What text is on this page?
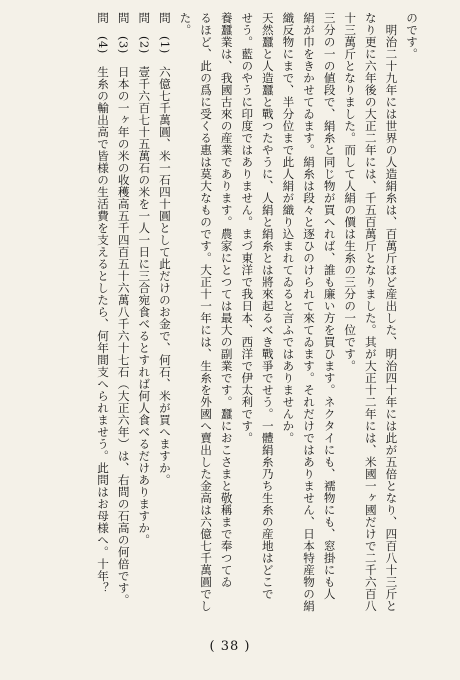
のです。
明治二十九年には世界の人造絹糸は、百萬斤ほど産出した、明治四十年には此が五倍となり、四百八十三斤と
なり更に六年後の大正二年には、千五百萬斤となりました。其が大正十二年には、米國一ヶ國だけで二千六百八
十三萬斤となりました。而して人絹の價は生糸の三分の一位です。
三分の一の値段で、絹糸と同じ物が買へれば、誰も廉い方を買ひます。ネクタイにも、襦物にも、窓掛にも人
絹が巾をきかせてゐます。絹糸は段々と逐ひのけられて來てゐます。それだけではありません、日本特産物の絹
織反物にまで、半分位まで此人絹が織り込まれてゐると言ふではありませんか。
天然蠶と人造蠶と戰つたやうに、人絹と絹糸とは將來起るべき戰爭でせう。一體絹糸乃ち生糸の産地はどこで
せう。藍のやうに印度ではありません。まづ東洋で我日本、西洋で伊太利です。
養蠶業は、我國古來の産業であります。農家にとつては最大の副業です。蠶におこさまと敬稱まで奉つてゐ
るほど、此の爲に受くる惠は莫大なものです。大正十一年には、生糸を外國へ賣出した金高は六億七千萬圓でし
た。
問　(1)　六億七千萬圓、米一石四十圓として此だけのお金で、何石、米が買へますか。
問　(2)　壹千六百七十五萬石の米を一人一日に三合宛食べるとすれば何人食べるだけありますか。
問　(3)　日本の一ヶ年の米の收穫高五千四百五十六萬八千六十七石（大正六年）は、右問の石高の何倍です。
問　(4)　生糸の輸出高で皆様の生活費を支えるとしたら、何年間支へられませう。此問はお母様へ。十年？
( 38 )
